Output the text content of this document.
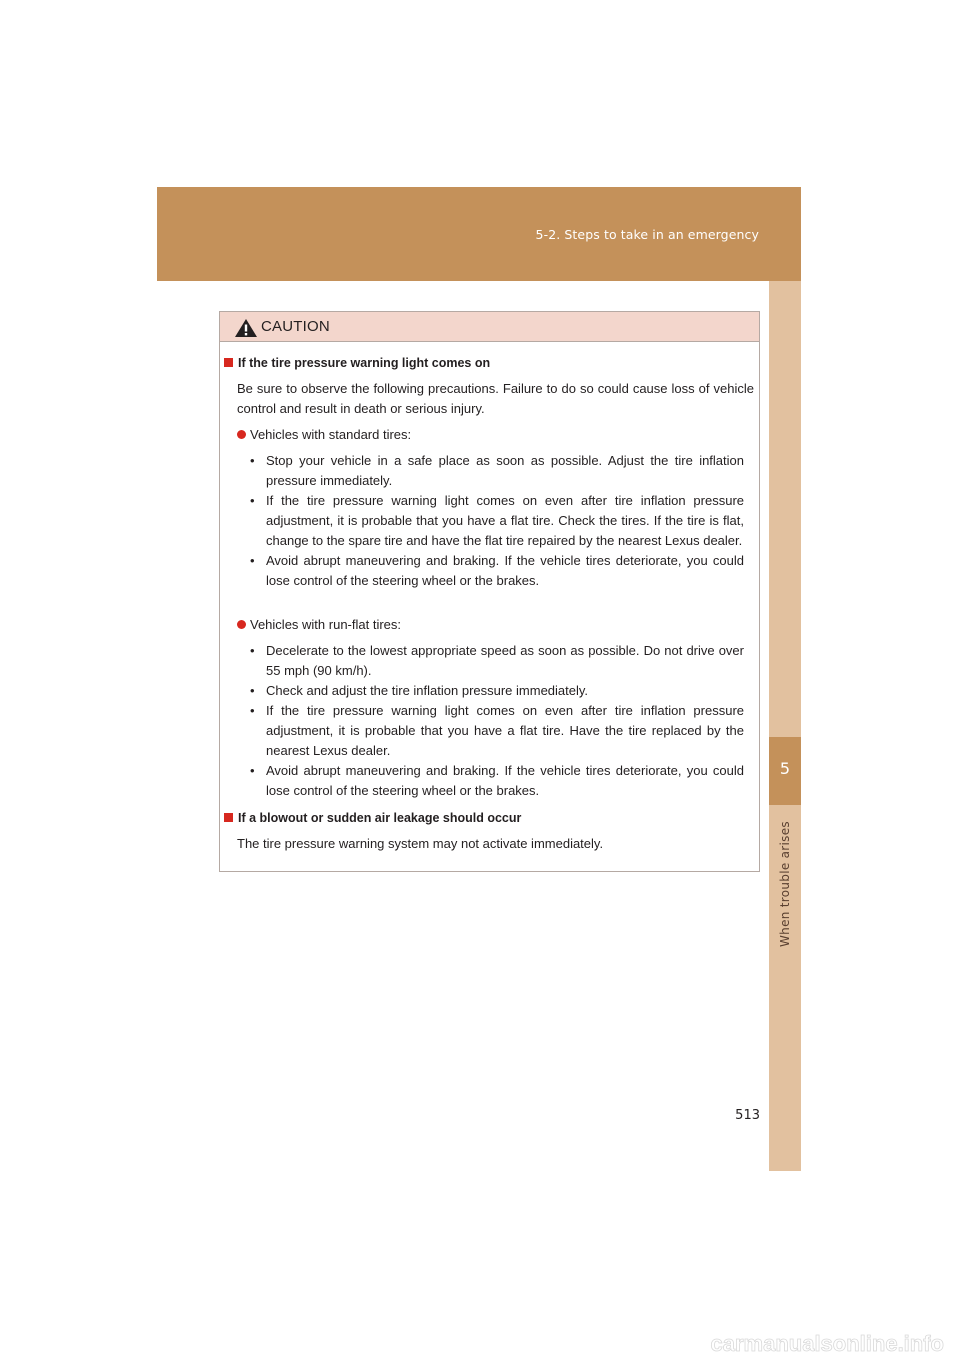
5-2. Steps to take in an emergency
5
When trouble arises
CAUTION
If the tire pressure warning light comes on

Be sure to observe the following precautions. Failure to do so could cause loss of vehicle control and result in death or serious injury.

Vehicles with standard tires:
• Stop your vehicle in a safe place as soon as possible. Adjust the tire inflation pressure immediately.
• If the tire pressure warning light comes on even after tire inflation pressure adjustment, it is probable that you have a flat tire. Check the tires. If the tire is flat, change to the spare tire and have the flat tire repaired by the nearest Lexus dealer.
• Avoid abrupt maneuvering and braking. If the vehicle tires deteriorate, you could lose control of the steering wheel or the brakes.
Vehicles with run-flat tires:
• Decelerate to the lowest appropriate speed as soon as possible. Do not drive over 55 mph (90 km/h).
• Check and adjust the tire inflation pressure immediately.
• If the tire pressure warning light comes on even after tire inflation pressure adjustment, it is probable that you have a flat tire. Have the tire replaced by the nearest Lexus dealer.
• Avoid abrupt maneuvering and braking. If the vehicle tires deteriorate, you could lose control of the steering wheel or the brakes.
If a blowout or sudden air leakage should occur

The tire pressure warning system may not activate immediately.

513
carmanualsonline.info
